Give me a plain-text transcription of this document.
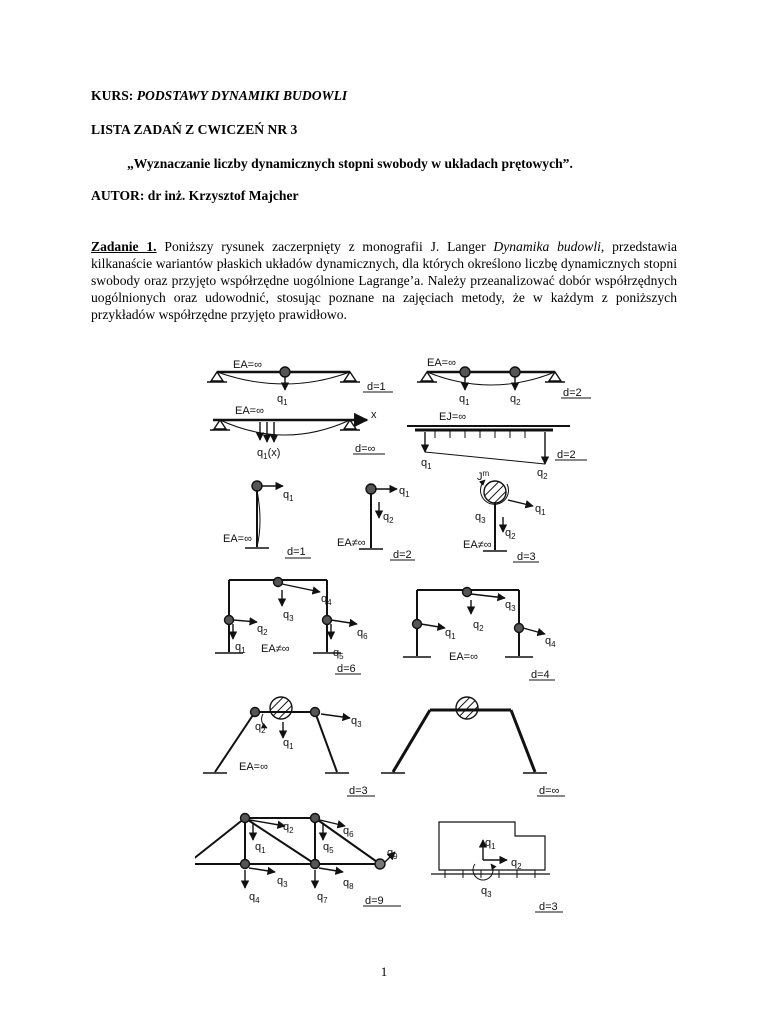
KURS: PODSTAWY DYNAMIKI BUDOWLI
LISTA ZADAŃ Z CWICZEŃ NR 3
„Wyznaczanie liczby dynamicznych stopni swobody w układach prętowych”.
AUTOR: dr inż. Krzysztof Majcher
Zadanie 1. Poniższy rysunek zaczerpnięty z monografii J. Langer Dynamika budowli, przedstawia kilkanaście wariantów płaskich układów dynamicznych, dla których określono liczbę dynamicznych stopni swobody oraz przyjęto współrzędne uogólnione Lagrange’a. Należy przeanalizować dobór współrzędnych uogólnionych oraz udowodnić, stosując poznane na zajęciach metody, że w każdym z poniższych przykładów współrzędne przyjęto prawidłowo.
EA=∞
$q_1$
d=1
EA=∞
$q_1$	$q_2$
d=2
EA=∞	x
$q_1(x)$	d=∞
EJ=∞
$q_1$
$q_2$
d=2
$q_1$
EA=∞
d=1
$q_1$
$q_2$
EA≠∞
d=2
$J^m$
$q_3$
$q_1$
$q_2$
EA≠∞
d=3
$q_4$
$q_3$
$q_2$	$q_6$
$q_1$	$q_5$
EA≠∞
d=6
$q_3$
$q_2$
$q_1$	$q_4$
EA=∞
d=4
$q_3$
$q_2$
$q_1$
EA=∞
d=3	d=∞
$q_2$	$q_6$
$q_1$	$q_5$	$q_9$
$q_3$	$q_8$
$q_4$	$q_7$	d=9
$q_1$
$q_2$
$q_3$
d=3
1
